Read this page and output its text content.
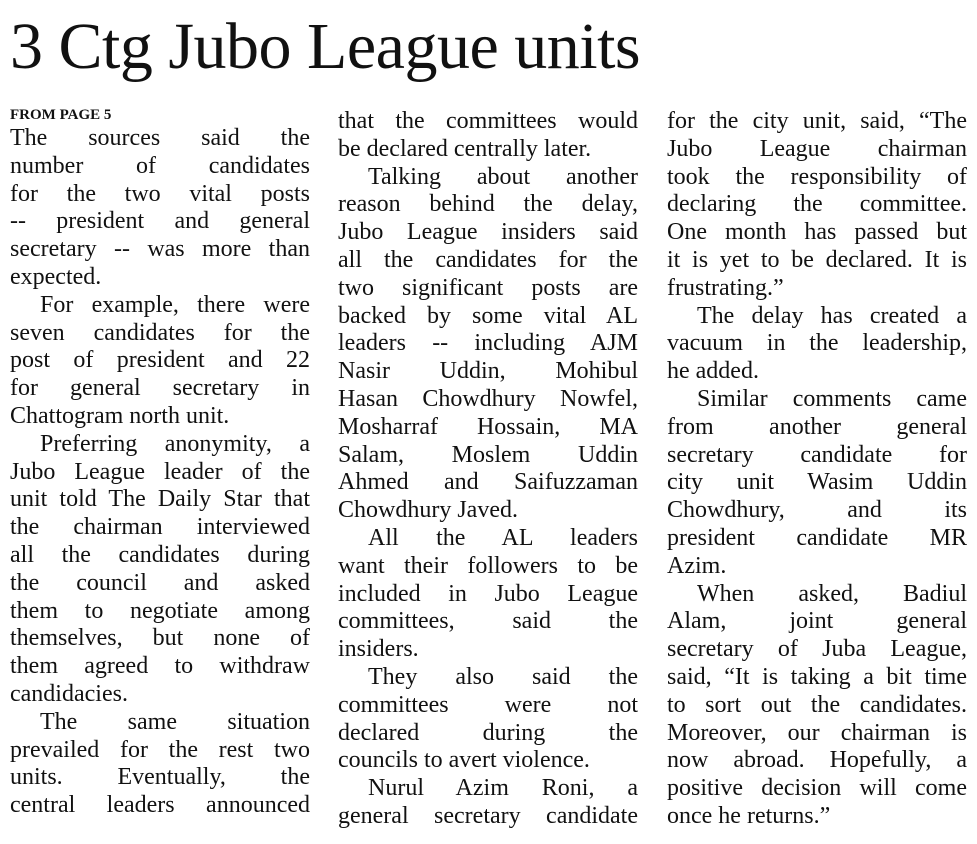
3 Ctg Jubo League units
FROM PAGE 5
The sources said the
number of candidates
for the two vital posts
-- president and general
secretary -- was more than
expected.
For example, there were
seven candidates for the
post of president and 22
for general secretary in
Chattogram north unit.
Preferring anonymity, a
Jubo League leader of the
unit told The Daily Star that
the chairman interviewed
all the candidates during
the council and asked
them to negotiate among
themselves, but none of
them agreed to withdraw
candidacies.
The same situation
prevailed for the rest two
units. Eventually, the
central leaders announced
that the committees would
be declared centrally later.
Talking about another
reason behind the delay,
Jubo League insiders said
all the candidates for the
two significant posts are
backed by some vital AL
leaders -- including AJM
Nasir Uddin, Mohibul
Hasan Chowdhury Nowfel,
Mosharraf Hossain, MA
Salam, Moslem Uddin
Ahmed and Saifuzzaman
Chowdhury Javed.
All the AL leaders
want their followers to be
included in Jubo League
committees, said the
insiders.
They also said the
committees were not
declared during the
councils to avert violence.
Nurul Azim Roni, a
general secretary candidate
for the city unit, said, “The
Jubo League chairman
took the responsibility of
declaring the committee.
One month has passed but
it is yet to be declared. It is
frustrating.”
The delay has created a
vacuum in the leadership,
he added.
Similar comments came
from another general
secretary candidate for
city unit Wasim Uddin
Chowdhury, and its
president candidate MR
Azim.
When asked, Badiul
Alam, joint general
secretary of Juba League,
said, “It is taking a bit time
to sort out the candidates.
Moreover, our chairman is
now abroad. Hopefully, a
positive decision will come
once he returns.”
